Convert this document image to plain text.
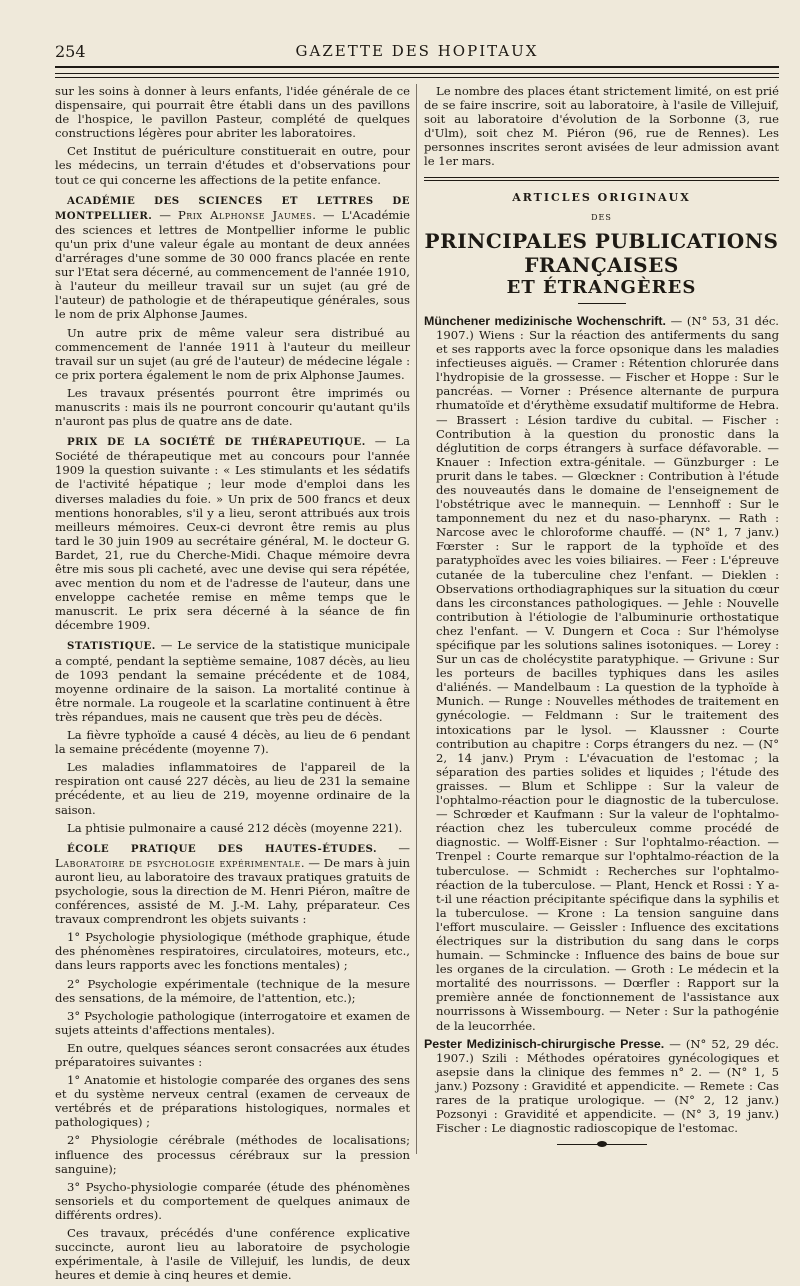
254	GAZETTE DES HOPITAUX

sur les soins à donner à leurs enfants, l'idée générale de ce dispensaire, qui pourrait être établi dans un des pavillons de l'hospice, le pavillon Pasteur, complété de quelques constructions légères pour abriter les laboratoires.

Cet Institut de puériculture constituerait en outre, pour les médecins, un terrain d'études et d'observations pour tout ce qui concerne les affections de la petite enfance.

ACADÉMIE DES SCIENCES ET LETTRES DE MONTPELLIER. — Prix Alphonse Jaumes. — L'Académie des sciences et lettres de Montpellier informe le public qu'un prix d'une valeur égale au montant de deux années d'arrérages d'une somme de 30 000 francs placée en rente sur l'Etat sera décerné, au commencement de l'année 1910, à l'auteur du meilleur travail sur un sujet (au gré de l'auteur) de pathologie et de thérapeutique générales, sous le nom de prix Alphonse Jaumes.

Un autre prix de même valeur sera distribué au commencement de l'année 1911 à l'auteur du meilleur travail sur un sujet (au gré de l'auteur) de médecine légale : ce prix portera également le nom de prix Alphonse Jaumes.

Les travaux présentés pourront être imprimés ou manuscrits : mais ils ne pourront concourir qu'autant qu'ils n'auront pas plus de quatre ans de date.

PRIX DE LA SOCIÉTÉ DE THÉRAPEUTIQUE. — La Société de thérapeutique met au concours pour l'année 1909 la question suivante : « Les stimulants et les sédatifs de l'activité hépatique ; leur mode d'emploi dans les diverses maladies du foie. » Un prix de 500 francs et deux mentions honorables, s'il y a lieu, seront attribués aux trois meilleurs mémoires. Ceux-ci devront être remis au plus tard le 30 juin 1909 au secrétaire général, M. le docteur G. Bardet, 21, rue du Cherche-Midi. Chaque mémoire devra être mis sous pli cacheté, avec une devise qui sera répétée, avec mention du nom et de l'adresse de l'auteur, dans une enveloppe cachetée remise en même temps que le manuscrit. Le prix sera décerné à la séance de fin décembre 1909.

STATISTIQUE. — Le service de la statistique municipale a compté, pendant la septième semaine, 1087 décès, au lieu de 1093 pendant la semaine précédente et de 1084, moyenne ordinaire de la saison. La mortalité continue à être normale. La rougeole et la scarlatine continuent à être très répandues, mais ne causent que très peu de décès.

La fièvre typhoïde a causé 4 décès, au lieu de 6 pendant la semaine précédente (moyenne 7).

Les maladies inflammatoires de l'appareil de la respiration ont causé 227 décès, au lieu de 231 la semaine précédente, et au lieu de 219, moyenne ordinaire de la saison.

La phtisie pulmonaire a causé 212 décès (moyenne 221).

ÉCOLE PRATIQUE DES HAUTES-ÉTUDES. — Laboratoire de psychologie expérimentale. — De mars à juin auront lieu, au laboratoire des travaux pratiques gratuits de psychologie, sous la direction de M. Henri Piéron, maître de conférences, assisté de M. J.-M. Lahy, préparateur. Ces travaux comprendront les objets suivants :

1° Psychologie physiologique (méthode graphique, étude des phénomènes respiratoires, circulatoires, moteurs, etc., dans leurs rapports avec les fonctions mentales) ;

2° Psychologie expérimentale (technique de la mesure des sensations, de la mémoire, de l'attention, etc.);

3° Psychologie pathologique (interrogatoire et examen de sujets atteints d'affections mentales).

En outre, quelques séances seront consacrées aux études préparatoires suivantes :

1° Anatomie et histologie comparée des organes des sens et du système nerveux central (examen de cerveaux de vertébrés et de préparations histologiques, normales et pathologiques) ;

2° Physiologie cérébrale (méthodes de localisations; influence des processus cérébraux sur la pression sanguine);

3° Psycho-physiologie comparée (étude des phénomènes sensoriels et du comportement de quelques animaux de différents ordres).

Ces travaux, précédés d'une conférence explicative succincte, auront lieu au laboratoire de psychologie expérimentale, à l'asile de Villejuif, les lundis, de deux heures et demie à cinq heures et demie.

Le nombre des places étant strictement limité, on est prié de se faire inscrire, soit au laboratoire, à l'asile de Villejuif, soit au laboratoire d'évolution de la Sorbonne (3, rue d'Ulm), soit chez M. Piéron (96, rue de Rennes). Les personnes inscrites seront avisées de leur admission avant le 1er mars.

ARTICLES ORIGINAUX
DES
PRINCIPALES PUBLICATIONS FRANÇAISES
ET ÉTRANGÈRES

Münchener medizinische Wochenschrift. — (N° 53, 31 déc. 1907.) Wiens : Sur la réaction des antiferments du sang et ses rapports avec la force opsonique dans les maladies infectieuses aiguës. — Cramer : Rétention chlorurée dans l'hydropisie de la grossesse. — Fischer et Hoppe : Sur le pancréas. — Vorner : Présence alternante de purpura rhumatoïde et d'érythème exsudatif multiforme de Hebra. — Brassert : Lésion tardive du cubital. — Fischer : Contribution à la question du pronostic dans la déglutition de corps étrangers à surface défavorable. — Knauer : Infection extra-génitale. — Günzburger : Le prurit dans le tabes. — Glœckner : Contribution à l'étude des nouveautés dans le domaine de l'enseignement de l'obstétrique avec le mannequin. — Lennhoff : Sur le tamponnement du nez et du naso-pharynx. — Rath : Narcose avec le chloroforme chauffé. — (N° 1, 7 janv.) Fœrster : Sur le rapport de la typhoïde et des paratyphoïdes avec les voies biliaires. — Feer : L'épreuve cutanée de la tuberculine chez l'enfant. — Dieklen : Observations orthodiagraphiques sur la situation du cœur dans les circonstances pathologiques. — Jehle : Nouvelle contribution à l'étiologie de l'albuminurie orthostatique chez l'enfant. — V. Dungern et Coca : Sur l'hémolyse spécifique par les solutions salines isotoniques. — Lorey : Sur un cas de cholécystite paratyphique. — Grivune : Sur les porteurs de bacilles typhiques dans les asiles d'aliénés. — Mandelbaum : La question de la typhoïde à Munich. — Runge : Nouvelles méthodes de traitement en gynécologie. — Feldmann : Sur le traitement des intoxications par le lysol. — Klaussner : Courte contribution au chapitre : Corps étrangers du nez. — (N° 2, 14 janv.) Prym : L'évacuation de l'estomac ; la séparation des parties solides et liquides ; l'étude des graisses. — Blum et Schlippe : Sur la valeur de l'ophtalmo-réaction pour le diagnostic de la tuberculose. — Schrœder et Kaufmann : Sur la valeur de l'ophtalmo-réaction chez les tuberculeux comme procédé de diagnostic. — Wolff-Eisner : Sur l'ophtalmo-réaction. — Trenpel : Courte remarque sur l'ophtalmo-réaction de la tuberculose. — Schmidt : Recherches sur l'ophtalmo-réaction de la tuberculose. — Plant, Henck et Rossi : Y a-t-il une réaction précipitante spécifique dans la syphilis et la tuberculose. — Krone : La tension sanguine dans l'effort musculaire. — Geissler : Influence des excitations électriques sur la distribution du sang dans le corps humain. — Schmincke : Influence des bains de boue sur les organes de la circulation. — Groth : Le médecin et la mortalité des nourrissons. — Dœrfler : Rapport sur la première année de fonctionnement de l'assistance aux nourrissons à Wissembourg. — Neter : Sur la pathogénie de la leucorrhée.

Pester Medizinisch-chirurgische Presse. — (N° 52, 29 déc. 1907.) Szili : Méthodes opératoires gynécologiques et asepsie dans la clinique des femmes n° 2. — (N° 1, 5 janv.) Pozsony : Gravidité et appendicite. — Remete : Cas rares de la pratique urologique. — (N° 2, 12 janv.) Pozsonyi : Gravidité et appendicite. — (N° 3, 19 janv.) Fischer : Le diagnostic radioscopique de l'estomac.
